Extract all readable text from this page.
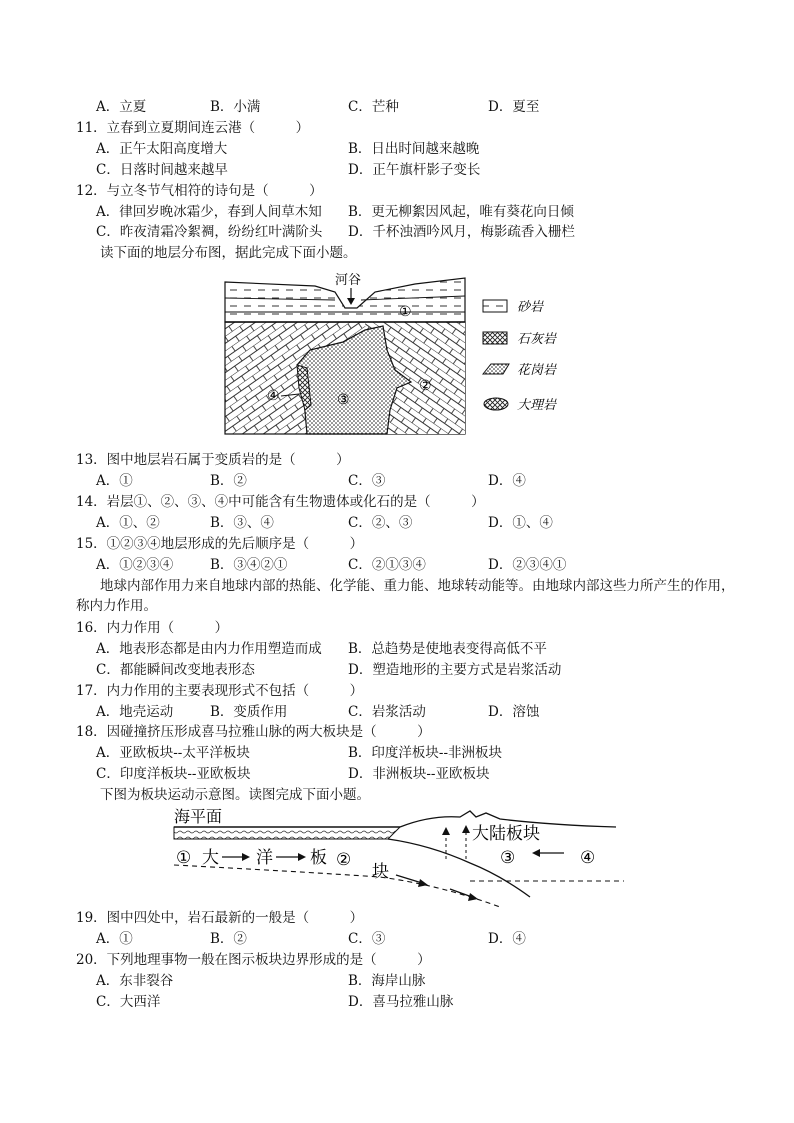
A．立夏	B．小满	C．芒种	D．夏至
11．立春到立夏期间连云港（　　　）
A．正午太阳高度增大	B．日出时间越来越晚
C．日落时间越来越早	D．正午旗杆影子变长
12．与立冬节气相符的诗句是（　　　）
A．律回岁晚冰霜少，春到人间草木知 B．更无柳絮因风起，唯有葵花向日倾
C．昨夜清霜冷絮裯，纷纷红叶满阶头 D．千杯浊酒吟风月，梅影疏香入栅栏
读下面的地层分布图，据此完成下面小题。
河谷
①
②
③
④
砂岩
石灰岩
花岗岩
大理岩
13．图中地层岩石属于变质岩的是（　　　）
A．①	B．②	C．③	D．④
14．岩层①、②、③、④中可能含有生物遗体或化石的是（　　　）
A．①、②	B．③、④	C．②、③	D．①、④
15．①②③④地层形成的先后顺序是（　　　）
A．①②③④	B．③④②①	C．②①③④	D．②③④①
地球内部作用力来自地球内部的热能、化学能、重力能、地球转动能等。由地球内部这些力所产生的作用，称内力作用。
16．内力作用（　　　）
A．地表形态都是由内力作用塑造而成 B．总趋势是使地表变得高低不平
C．都能瞬间改变地表形态	D．塑造地形的主要方式是岩浆活动
17．内力作用的主要表现形式不包括（　　　）
A．地壳运动	B．变质作用	C．岩浆活动	D．溶蚀
18．因碰撞挤压形成喜马拉雅山脉的两大板块是（　　　）
A．亚欧板块--太平洋板块	B．印度洋板块--非洲板块
C．印度洋板块--亚欧板块	D．非洲板块--亚欧板块
下图为板块运动示意图。读图完成下面小题。
海平面
大陆板块
① 大 洋 板 ②
块
③	④
19．图中四处中，岩石最新的一般是（　　　）
A．①	B．②	C．③	D．④
20．下列地理事物一般在图示板块边界形成的是（　　　）
A．东非裂谷	B．海岸山脉
C．大西洋	D．喜马拉雅山脉
